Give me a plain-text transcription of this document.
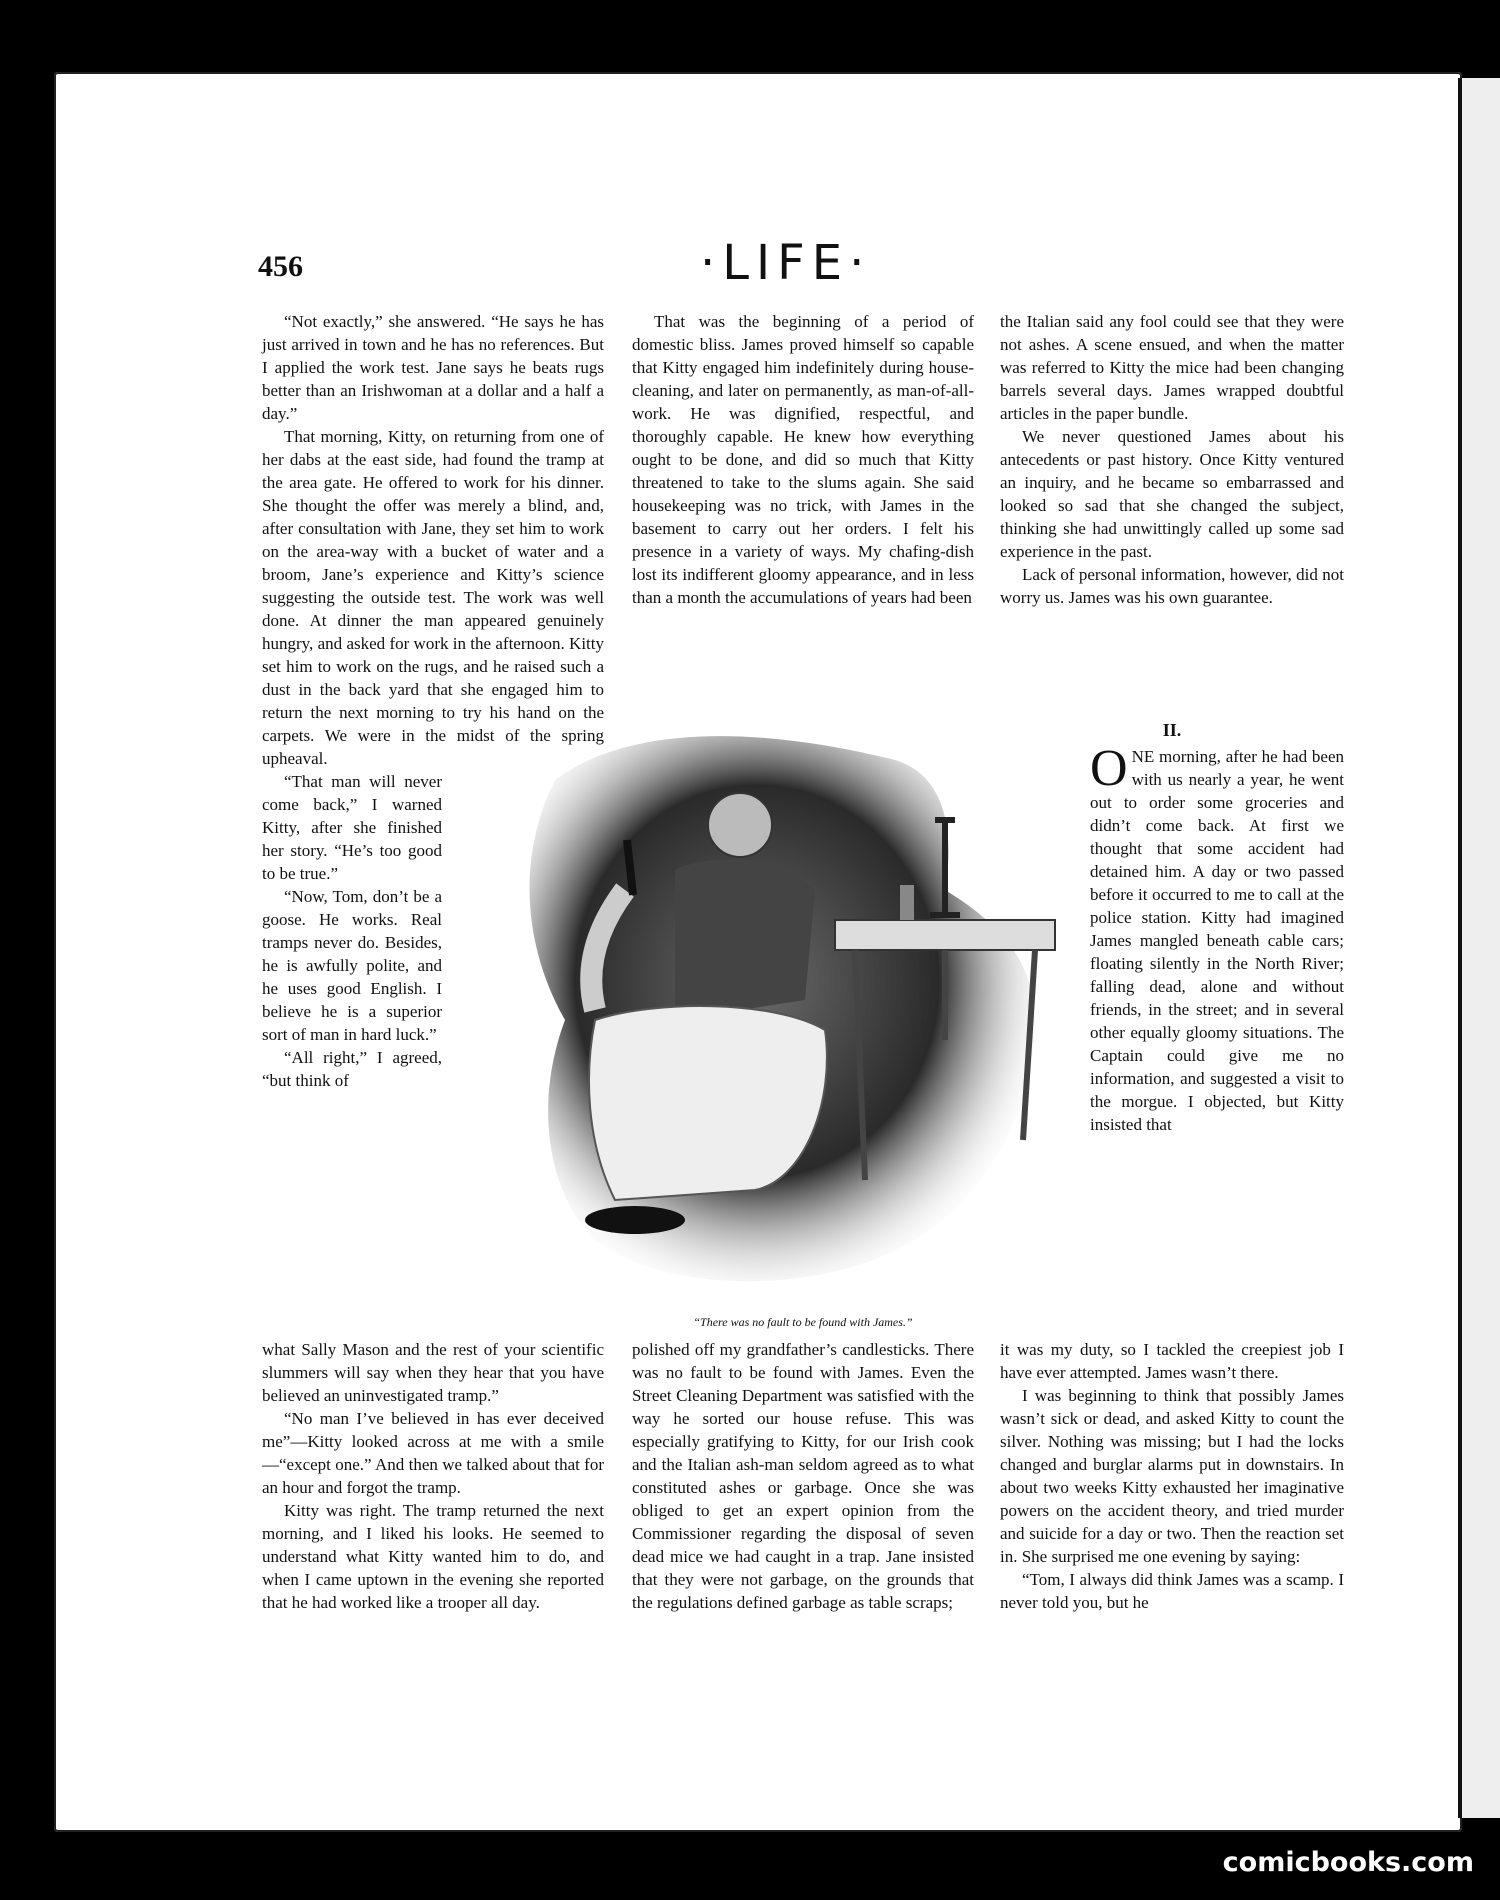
456	·LIFE·

“Not exactly,” she answered. “He says he has just arrived in town and he has no references. But I applied the work test. Jane says he beats rugs better than an Irishwoman at a dollar and a half a day.”

That morning, Kitty, on returning from one of her dabs at the east side, had found the tramp at the area gate. He offered to work for his dinner. She thought the offer was merely a blind, and, after consultation with Jane, they set him to work on the area-way with a bucket of water and a broom, Jane’s experience and Kitty’s science suggesting the outside test. The work was well done. At dinner the man appeared genuinely hungry, and asked for work in the afternoon. Kitty set him to work on the rugs, and he raised such a dust in the back yard that she engaged him to return the next morning to try his hand on the carpets. We were in the midst of the spring upheaval.

“That man will never come back,” I warned Kitty, after she finished her story. “He’s too good to be true.”

“Now, Tom, don’t be a goose. He works. Real tramps never do. Besides, he is awfully polite, and he uses good English. I believe he is a superior sort of man in hard luck.”

“All right,” I agreed, “but think of

what Sally Mason and the rest of your scientific slummers will say when they hear that you have believed an uninvestigated tramp.”

“No man I’ve believed in has ever deceived me”—Kitty looked across at me with a smile—“except one.” And then we talked about that for an hour and forgot the tramp.

Kitty was right. The tramp returned the next morning, and I liked his looks. He seemed to understand what Kitty wanted him to do, and when I came uptown in the evening she reported that he had worked like a trooper all day.

That was the beginning of a period of domestic bliss. James proved himself so capable that Kitty engaged him indefinitely during house-cleaning, and later on permanently, as man-of-all-work. He was dignified, respectful, and thoroughly capable. He knew how everything ought to be done, and did so much that Kitty threatened to take to the slums again. She said housekeeping was no trick, with James in the basement to carry out her orders. I felt his presence in a variety of ways. My chafing-dish lost its indifferent gloomy appearance, and in less than a month the accumulations of years had been

“There was no fault to be found with James.”

polished off my grandfather’s candlesticks. There was no fault to be found with James. Even the Street Cleaning Department was satisfied with the way he sorted our house refuse. This was especially gratifying to Kitty, for our Irish cook and the Italian ash-man seldom agreed as to what constituted ashes or garbage. Once she was obliged to get an expert opinion from the Commissioner regarding the disposal of seven dead mice we had caught in a trap. Jane insisted that they were not garbage, on the grounds that the regulations defined garbage as table scraps;

the Italian said any fool could see that they were not ashes. A scene ensued, and when the matter was referred to Kitty the mice had been changing barrels several days. James wrapped doubtful articles in the paper bundle.

We never questioned James about his antecedents or past history. Once Kitty ventured an inquiry, and he became so embarrassed and looked so sad that she changed the subject, thinking she had unwittingly called up some sad experience in the past.

Lack of personal information, however, did not worry us. James was his own guarantee.

II.

ONE morning, after he had been with us nearly a year, he went out to order some groceries and didn’t come back. At first we thought that some accident had detained him. A day or two passed before it occurred to me to call at the police station. Kitty had imagined James mangled beneath cable cars; floating silently in the North River; falling dead, alone and without friends, in the street; and in several other equally gloomy situations. The Captain could give me no information, and suggested a visit to the morgue. I objected, but Kitty insisted that

it was my duty, so I tackled the creepiest job I have ever attempted. James wasn’t there.

I was beginning to think that possibly James wasn’t sick or dead, and asked Kitty to count the silver. Nothing was missing; but I had the locks changed and burglar alarms put in downstairs. In about two weeks Kitty exhausted her imaginative powers on the accident theory, and tried murder and suicide for a day or two. Then the reaction set in. She surprised me one evening by saying:

“Tom, I always did think James was a scamp. I never told you, but he

comicbooks.com
